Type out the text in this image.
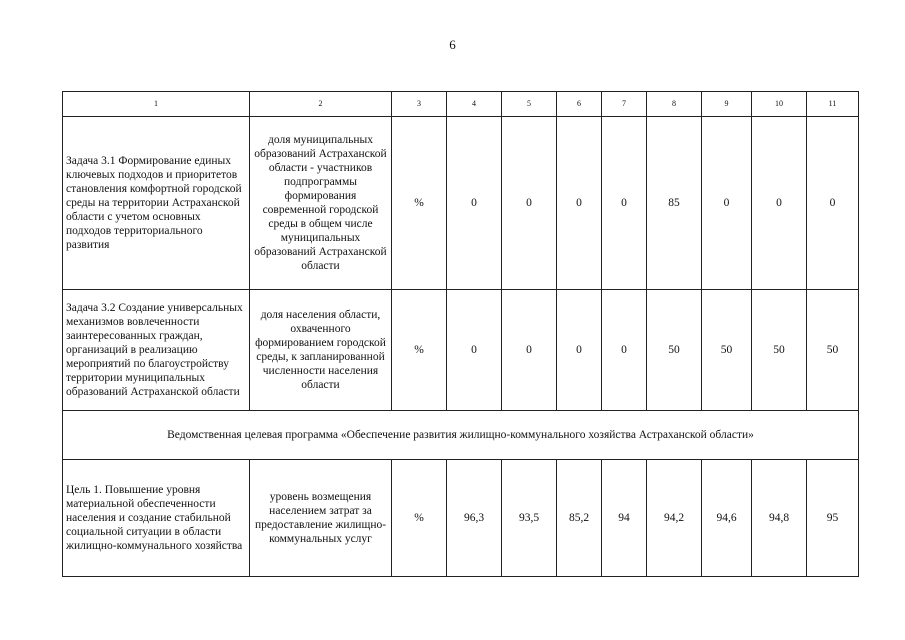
6
1	2	3	4	5	6	7	8	9	10	11
Задача 3.1 Формирование единых ключевых подходов и приоритетов становления комфортной городской среды на территории Астраханской области с учетом основных подходов территориального развития	доля муниципальных образований Астраханской области - участников подпрограммы формирования современной городской среды в общем числе муниципальных образований Астраханской области	%	0	0	0	0	85	0	0	0
Задача 3.2 Создание универсальных механизмов вовлеченности заинтересованных граждан, организаций в реализацию мероприятий по благоустройству территории муниципальных образований Астраханской области	доля населения области, охваченного формированием городской среды, к запланированной численности населения области	%	0	0	0	0	50	50	50	50
Ведомственная целевая программа «Обеспечение развития жилищно-коммунального хозяйства Астраханской области»										
Цель 1. Повышение уровня материальной обеспеченности населения и создание стабильной социальной ситуации в области жилищно-коммунального хозяйства	уровень возмещения населением затрат за предоставление жилищно-коммунальных услуг	%	96,3	93,5	85,2	94	94,2	94,6	94,8	95
